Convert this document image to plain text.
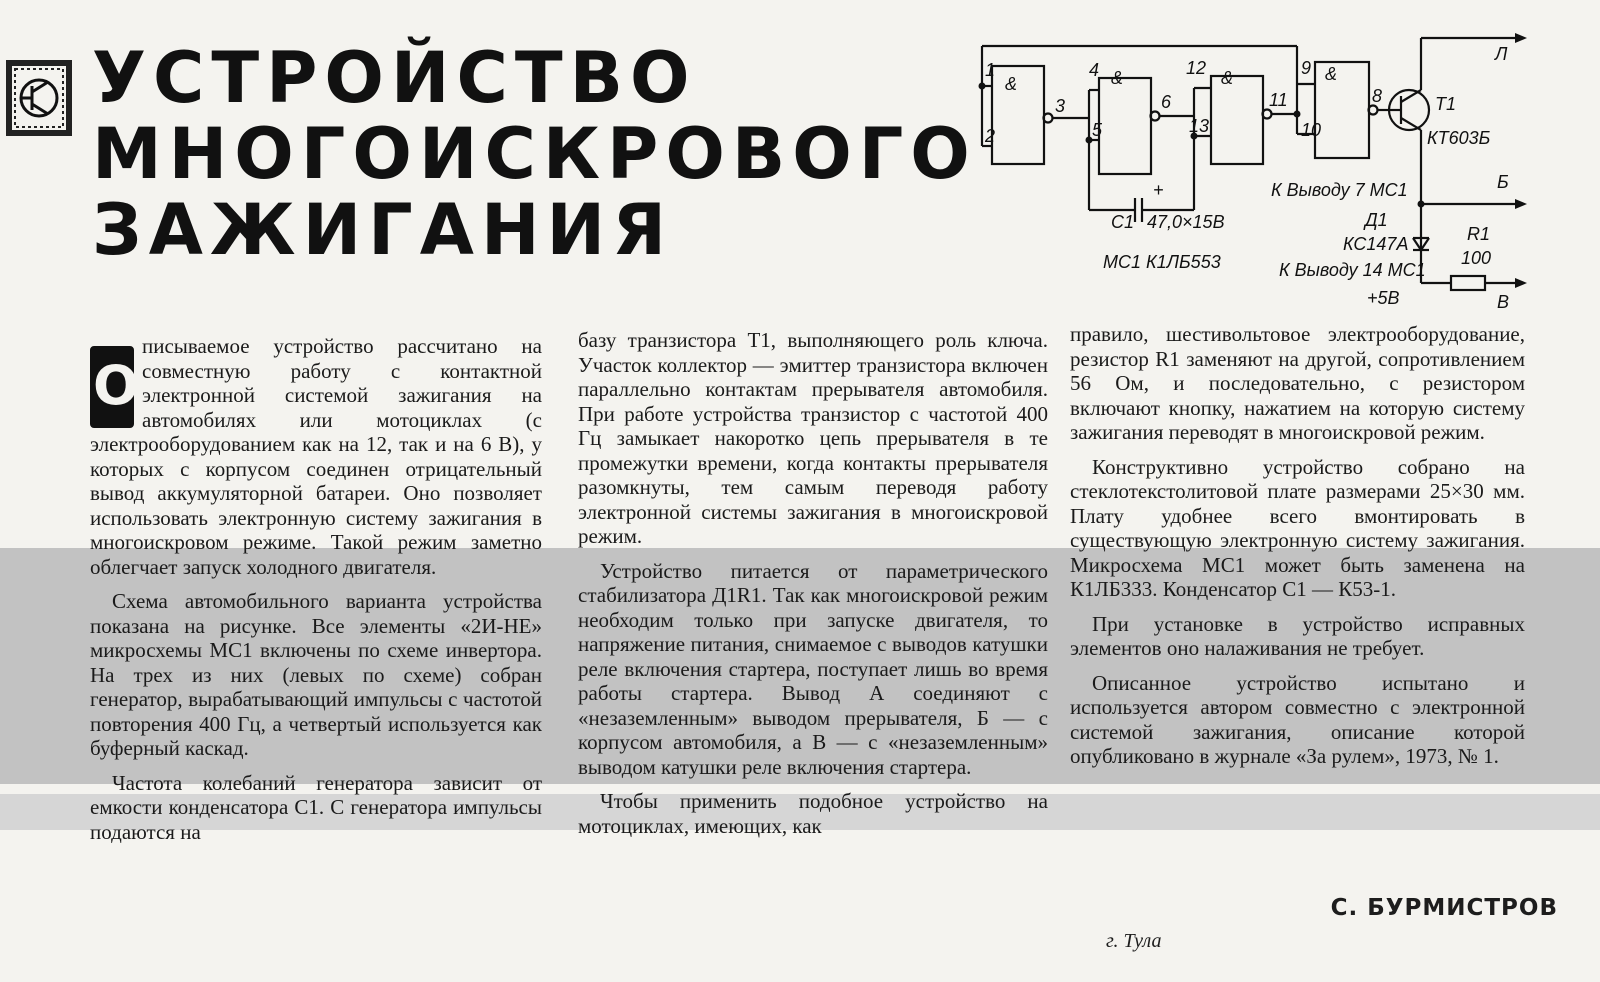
УСТРОЙСТВО
МНОГОИСКРОВОГО
ЗАЖИГАНИЯ
1
2
3
4
5
6
12
13
11
9
10
8
&	&	&	&
+
T1
КТ603Б
Л
Б
В
К Выводу 7 МС1
Д1
КС147А	R1
100
К Выводу 14 МС1
+5В
С1 47,0×15В
МС1 К1ЛБ553

О
писываемое устройство рассчитано на совместную работу с контактной электронной системой зажигания на автомобилях или мотоциклах (с электрооборудованием как на 12, так и на 6 В), у которых с корпусом соединен отрицательный вывод аккумуляторной батареи. Оно позволяет использовать электронную систему зажигания в многоискровом режиме. Такой режим заметно облегчает запуск холодного двигателя.

Схема автомобильного варианта устройства показана на рисунке. Все элементы «2И-НЕ» микросхемы МС1 включены по схеме инвертора. На трех из них (левых по схеме) собран генератор, вырабатывающий импульсы с частотой повторения 400 Гц, а четвертый используется как буферный каскад.

Частота колебаний генератора зависит от емкости конденсатора С1. С генератора импульсы подаются на

базу транзистора Т1, выполняющего роль ключа. Участок коллектор — эмиттер транзистора включен параллельно контактам прерывателя автомобиля. При работе устройства транзистор с частотой 400 Гц замыкает накоротко цепь прерывателя в те промежутки времени, когда контакты прерывателя разомкнуты, тем самым переводя работу электронной системы зажигания в многоискровой режим.

Устройство питается от параметрического стабилизатора Д1R1. Так как многоискровой режим необходим только при запуске двигателя, то напряжение питания, снимаемое с выводов катушки реле включения стартера, поступает лишь во время работы стартера. Вывод А соединяют с «незаземленным» выводом прерывателя, Б — с корпусом автомобиля, а В — с «незаземленным» выводом катушки реле включения стартера.

Чтобы применить подобное устройство на мотоциклах, имеющих, как

правило, шестивольтовое электрооборудование, резистор R1 заменяют на другой, сопротивлением 56 Ом, и последовательно, с резистором включают кнопку, нажатием на которую систему зажигания переводят в многоискровой режим.

Конструктивно устройство собрано на стеклотекстолитовой плате размерами 25×30 мм. Плату удобнее всего вмонтировать в существующую электронную систему зажигания. Микросхема МС1 может быть заменена на К1ЛБ333. Конденсатор С1 — К53-1.

При установке в устройство исправных элементов оно налаживания не требует.

Описанное устройство испытано и используется автором совместно с электронной системой зажигания, описание которой опубликовано в журнале «За рулем», 1973, № 1.

С. БУРМИСТРОВ
г. Тула
